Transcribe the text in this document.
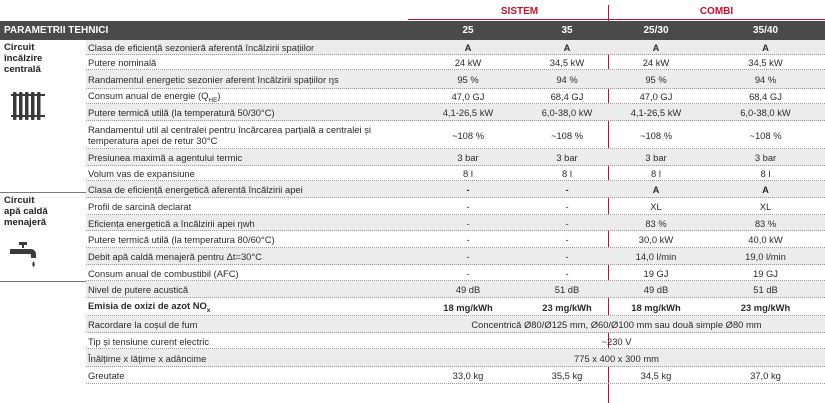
SISTEM	COMBI
PARAMETRII TEHNICI	25	35	25/30	35/40
Circuit
încălzire
centrală
Circuit
apă caldă
menajeră
Clasa de eficiență sezonieră aferentă încălzirii spațiilor	A	A	A	A
Putere nominală	24 kW	34,5 kW	24 kW	34,5 kW
Randamentul energetic sezonier aferent încălzirii spațiilor ηs	95 %	94 %	95 %	94 %
Consum anual de energie $(Q_{HE})$	47,0 GJ	68,4 GJ	47,0 GJ	68,4 GJ
Putere termică utilă (la temperatură 50/30°C)	4,1-26,5 kW	6,0-38,0 kW	4,1-26,5 kW	6,0-38,0 kW
Randamentul util al centralei pentru încărcarea parțială a centralei și temperatura apei de retur 30°C	~108 %	~108 %	~108 %	~108 %
Presiunea maximă a agentului termic	3 bar	3 bar	3 bar	3 bar
Volum vas de expansiune	8 l	8 l	8 l	8 l
Clasa de eficiență energetică aferentă încălzirii apei	-	-	A	A
Profil de sarcină declarat	-	-	XL	XL
Eficiența energetică a încălzirii apei ηwh	-	-	83 %	83 %
Putere termică utilă (la temperatura 80/60°C)	-	-	30,0 kW	40,0 kW
Debit apă caldă menajeră pentru Δt=30°C	-	-	14,0 l/min	19,0 l/min
Consum anual de combustibil (AFC)	-	-	19 GJ	19 GJ
Nivel de putere acustică	49 dB	51 dB	49 dB	51 dB
Emisia de oxizi de azot $NO_x$	18 mg/kWh	23 mg/kWh	18 mg/kWh	23 mg/kWh
Racordare la coșul de fum	Concentrică Ø80/Ø125 mm, Ø60/Ø100 mm sau două simple Ø80 mm
Tip și tensiune curent electric	~230 V
Înălțime x lățime x adâncime	775 x 400 x 300 mm
Greutate	33,0 kg	35,5 kg	34,5 kg	37,0 kg
